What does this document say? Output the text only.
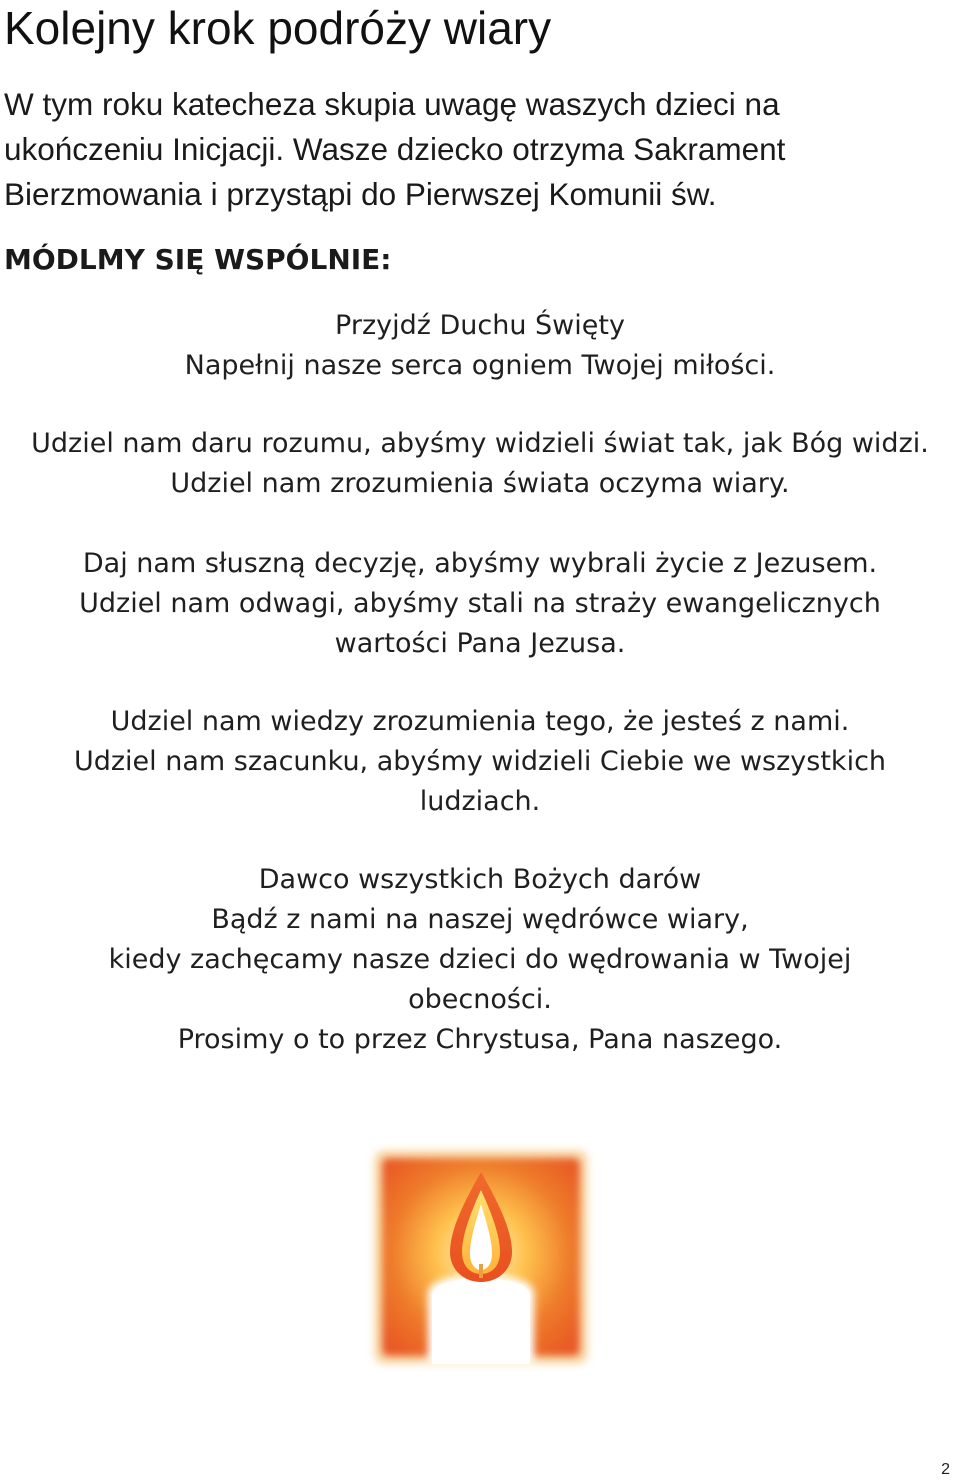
Kolejny krok podróży wiary

W tym roku katecheza skupia uwagę waszych dzieci na
ukończeniu Inicjacji. Wasze dziecko otrzyma Sakrament
Bierzmowania i przystąpi do Pierwszej Komunii św.

MÓDLMY SIĘ WSPÓLNIE:

Przyjdź Duchu Święty
Napełnij nasze serca ogniem Twojej miłości.

Udziel nam daru rozumu, abyśmy widzieli świat tak, jak Bóg widzi.
Udziel nam zrozumienia świata oczyma wiary.

Daj nam słuszną decyzję, abyśmy wybrali życie z Jezusem.
Udziel nam odwagi, abyśmy stali na straży ewangelicznych
wartości Pana Jezusa.

Udziel nam wiedzy zrozumienia tego, że jesteś z nami.
Udziel nam szacunku, abyśmy widzieli Ciebie we wszystkich
ludziach.

Dawco wszystkich Bożych darów
Bądź z nami na naszej wędrówce wiary,
kiedy zachęcamy nasze dzieci do wędrowania w Twojej
obecności.
Prosimy o to przez Chrystusa, Pana naszego.

2
